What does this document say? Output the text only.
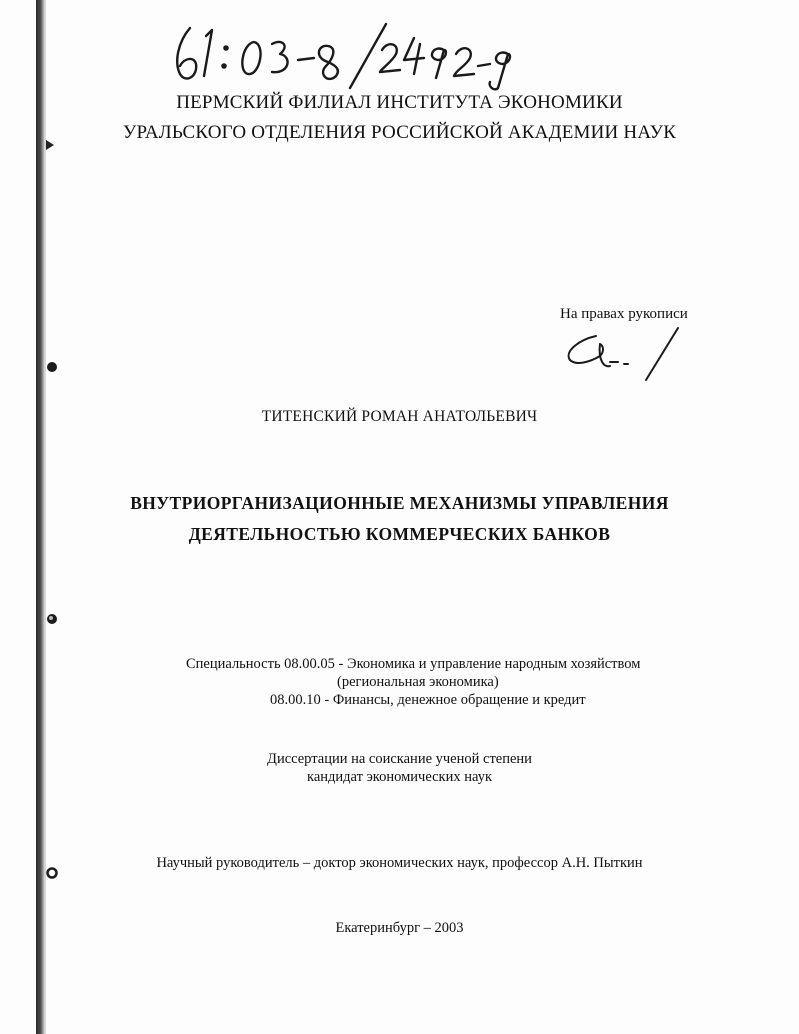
ПЕРМСКИЙ ФИЛИАЛ ИНСТИТУТА ЭКОНОМИКИ
УРАЛЬСКОГО ОТДЕЛЕНИЯ РОССИЙСКОЙ АКАДЕМИИ НАУК
На правах рукописи
ТИТЕНСКИЙ РОМАН АНАТОЛЬЕВИЧ
ВНУТРИОРГАНИЗАЦИОННЫЕ МЕХАНИЗМЫ УПРАВЛЕНИЯ
ДЕЯТЕЛЬНОСТЬЮ КОММЕРЧЕСКИХ БАНКОВ
Специальность 08.00.05 - Экономика и управление народным хозяйством
(региональная экономика)
08.00.10 - Финансы, денежное обращение и кредит
Диссертации на соискание ученой степени
кандидат экономических наук
Научный руководитель – доктор экономических наук, профессор А.Н. Пыткин
Екатеринбург – 2003
